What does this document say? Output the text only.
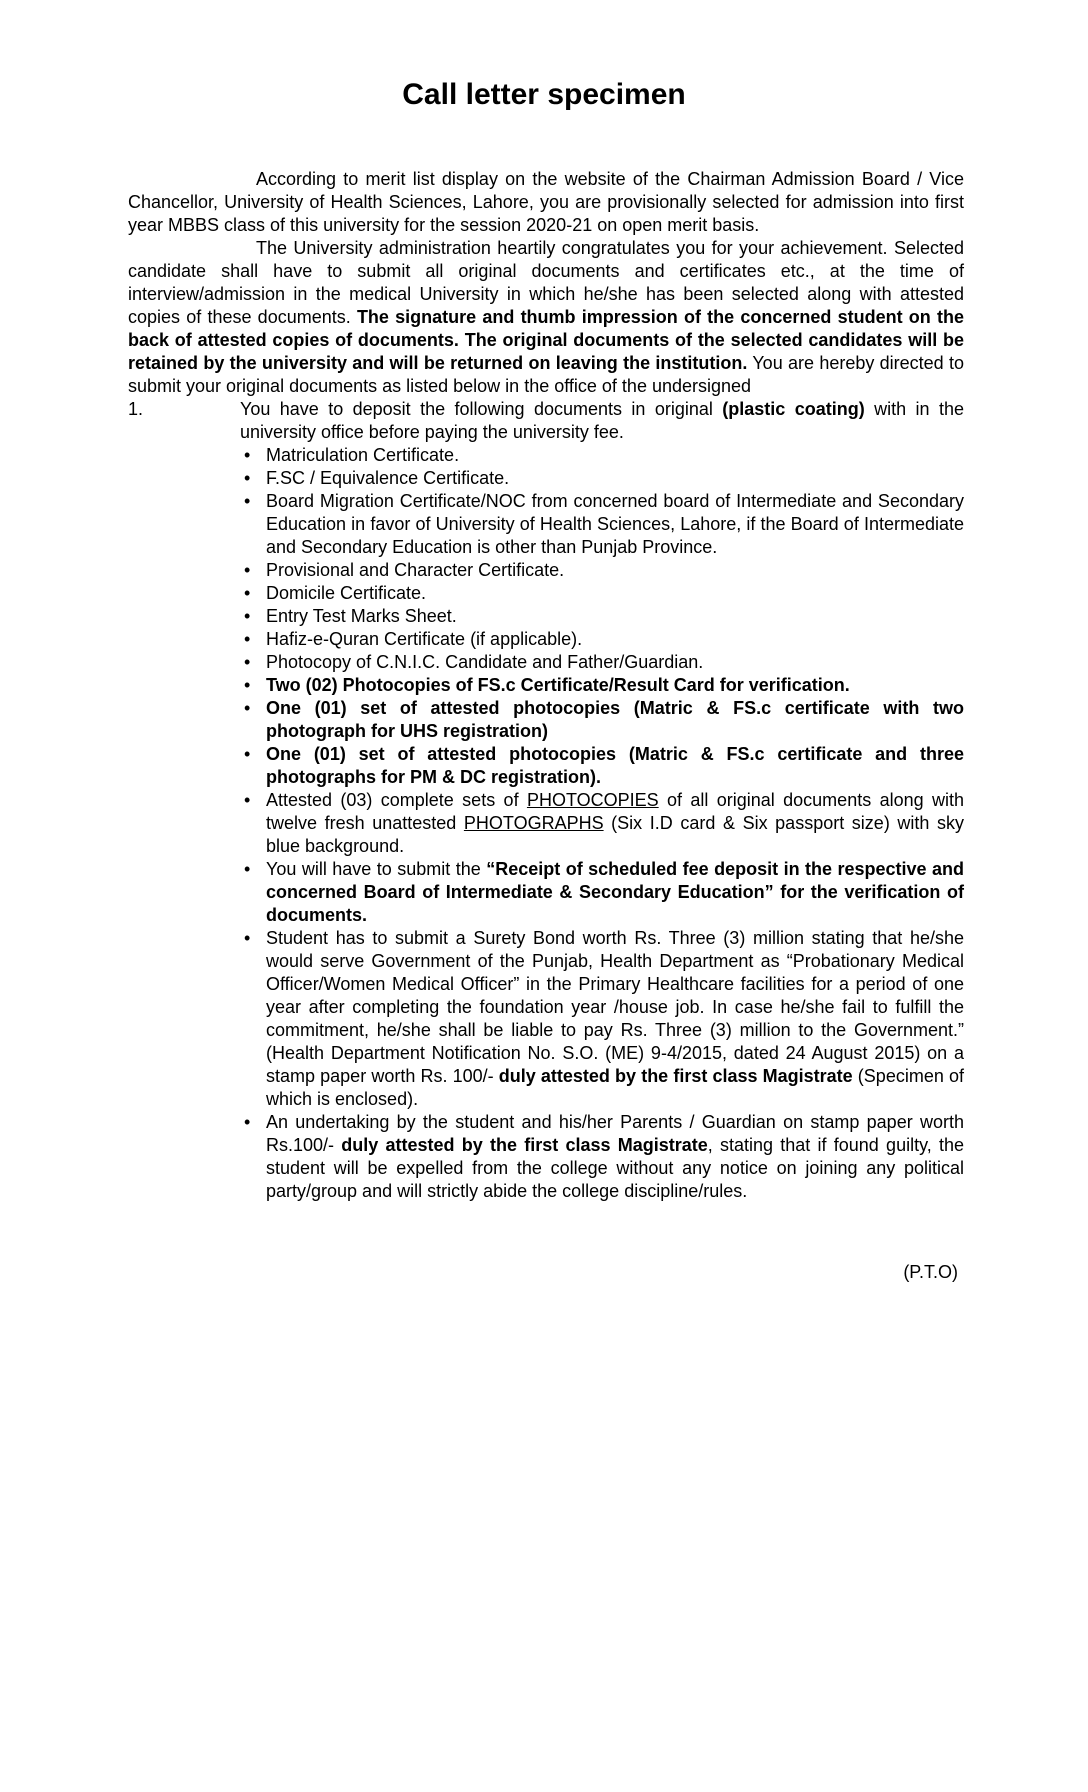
Call letter specimen

According to merit list display on the website of the Chairman Admission Board / Vice Chancellor, University of Health Sciences, Lahore, you are provisionally selected for admission into first year MBBS class of this university for the session 2020-21 on open merit basis.

The University administration heartily congratulates you for your achievement. Selected candidate shall have to submit all original documents and certificates etc., at the time of interview/admission in the medical University in which he/she has been selected along with attested copies of these documents. The signature and thumb impression of the concerned student on the back of attested copies of documents. The original documents of the selected candidates will be retained by the university and will be returned on leaving the institution. You are hereby directed to submit your original documents as listed below in the office of the undersigned

1.	You have to deposit the following documents in original (plastic coating) with in the university office before paying the university fee.
• Matriculation Certificate.
• F.SC / Equivalence Certificate.
• Board Migration Certificate/NOC from concerned board of Intermediate and Secondary Education in favor of University of Health Sciences, Lahore, if the Board of Intermediate and Secondary Education is other than Punjab Province.
• Provisional and Character Certificate.
• Domicile Certificate.
• Entry Test Marks Sheet.
• Hafiz-e-Quran Certificate (if applicable).
• Photocopy of C.N.I.C. Candidate and Father/Guardian.
• Two (02) Photocopies of FS.c Certificate/Result Card for verification.
• One (01) set of attested photocopies (Matric & FS.c certificate with two photograph for UHS registration)
• One (01) set of attested photocopies (Matric & FS.c certificate and three photographs for PM & DC registration).
• Attested (03) complete sets of PHOTOCOPIES of all original documents along with twelve fresh unattested PHOTOGRAPHS (Six I.D card & Six passport size) with sky blue background.
• You will have to submit the “Receipt of scheduled fee deposit in the respective and concerned Board of Intermediate & Secondary Education” for the verification of documents.
• Student has to submit a Surety Bond worth Rs. Three (3) million stating that he/she would serve Government of the Punjab, Health Department as “Probationary Medical Officer/Women Medical Officer” in the Primary Healthcare facilities for a period of one year after completing the foundation year /house job. In case he/she fail to fulfill the commitment, he/she shall be liable to pay Rs. Three (3) million to the Government.” (Health Department Notification No. S.O. (ME) 9-4/2015, dated 24 August 2015) on a stamp paper worth Rs. 100/- duly attested by the first class Magistrate (Specimen of which is enclosed).
• An undertaking by the student and his/her Parents / Guardian on stamp paper worth Rs.100/- duly attested by the first class Magistrate, stating that if found guilty, the student will be expelled from the college without any notice on joining any political party/group and will strictly abide the college discipline/rules.
(P.T.O)
